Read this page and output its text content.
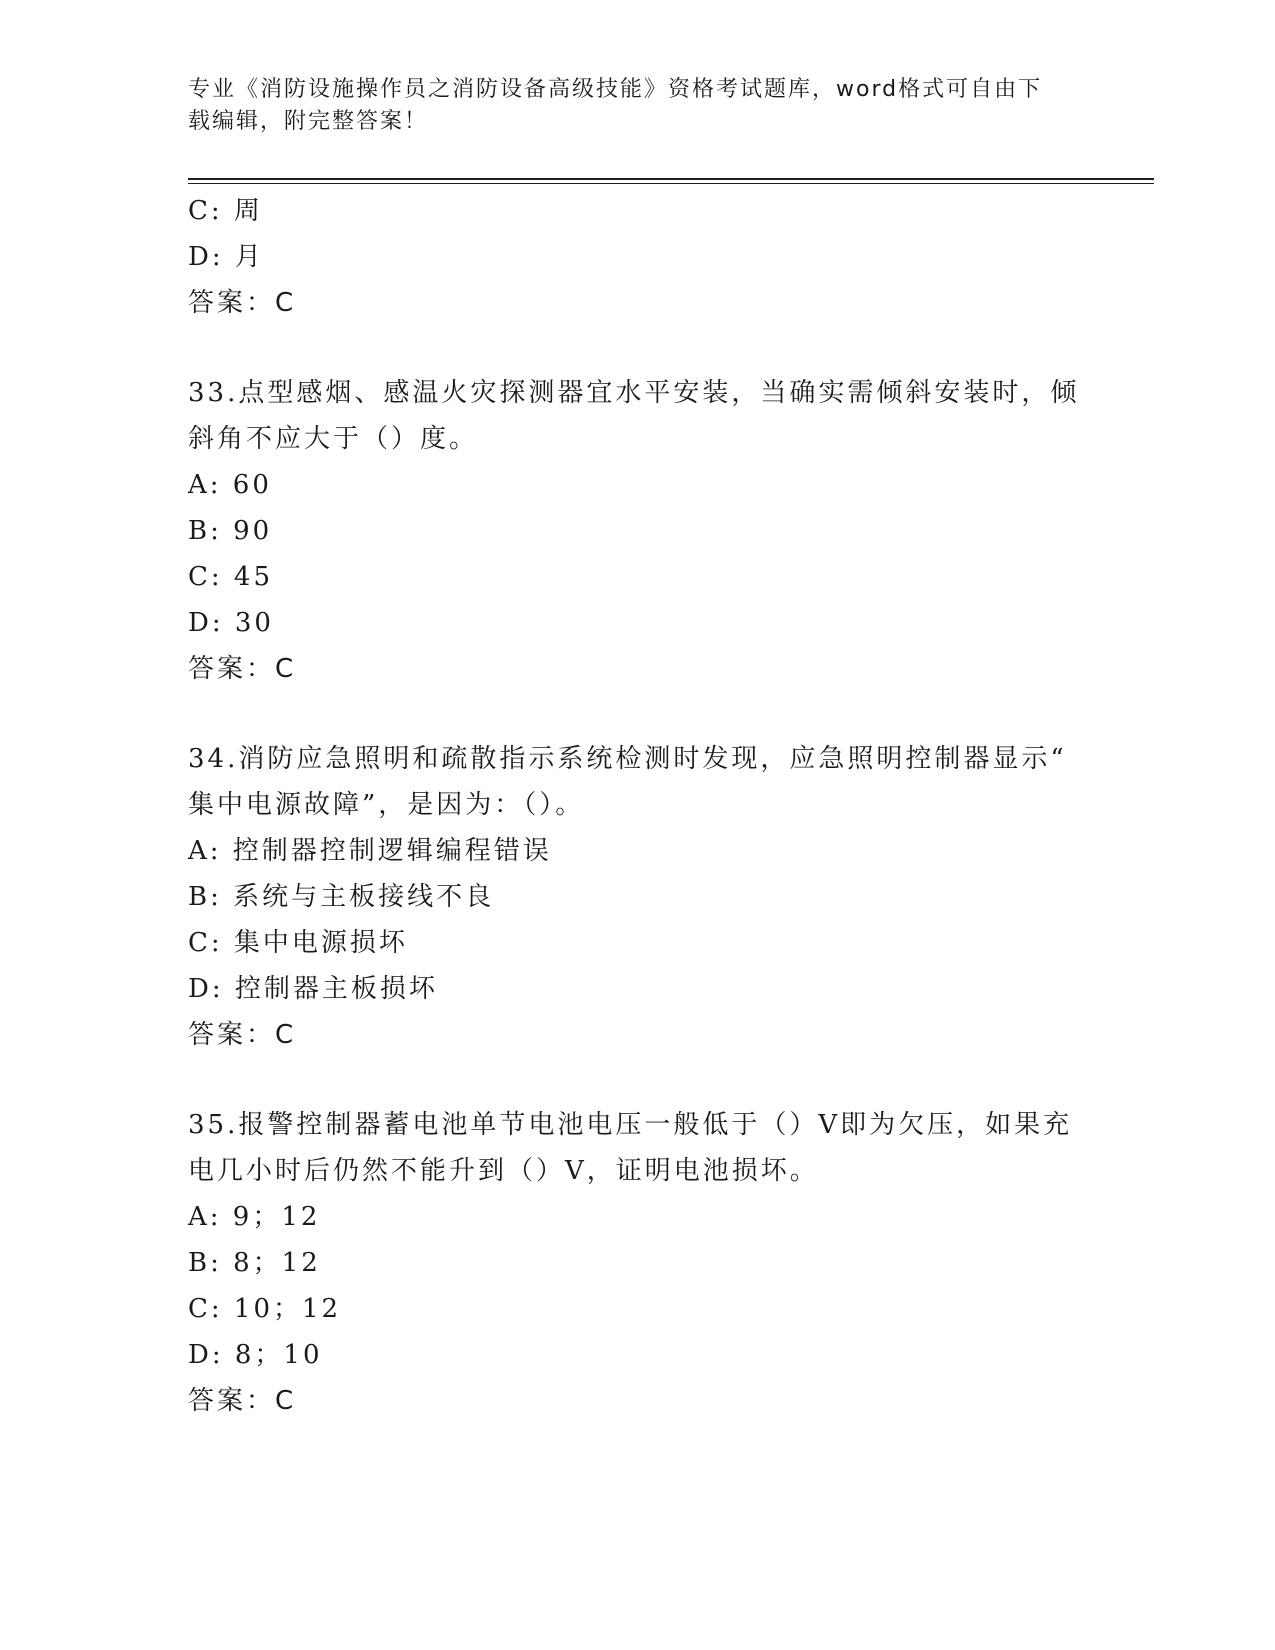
专业《消防设施操作员之消防设备高级技能》资格考试题库，word格式可自由下
载编辑，附完整答案！
C: 周
D: 月
答案：C
33.点型感烟、感温火灾探测器宜水平安装，当确实需倾斜安装时，倾
斜角不应大于（）度。
A: 60
B: 90
C: 45
D: 30
答案：C
34.消防应急照明和疏散指示系统检测时发现，应急照明控制器显示“
集中电源故障”，是因为：（）。
A: 控制器控制逻辑编程错误
B: 系统与主板接线不良
C: 集中电源损坏
D: 控制器主板损坏
答案：C
35.报警控制器蓄电池单节电池电压一般低于（）V即为欠压，如果充
电几小时后仍然不能升到（）V，证明电池损坏。
A: 9；12
B: 8；12
C: 10；12
D: 8；10
答案：C
